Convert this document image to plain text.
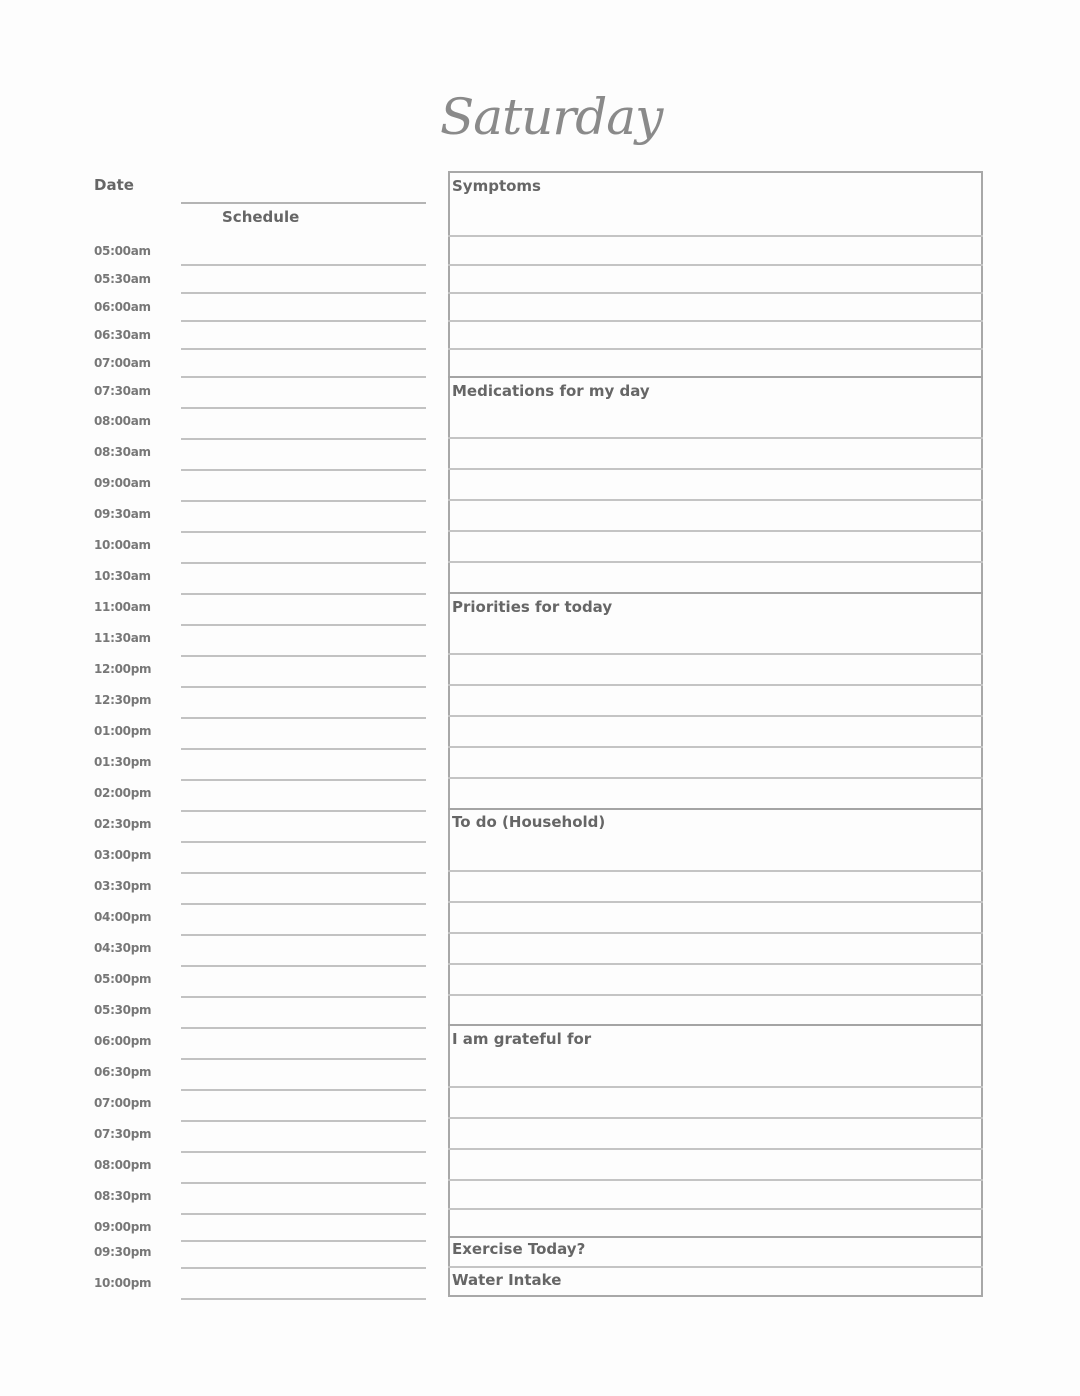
Saturday
Date
Schedule
05:00am
05:30am
06:00am
06:30am
07:00am
07:30am
08:00am
08:30am
09:00am
09:30am
10:00am
10:30am
11:00am
11:30am
12:00pm
12:30pm
01:00pm
01:30pm
02:00pm
02:30pm
03:00pm
03:30pm
04:00pm
04:30pm
05:00pm
05:30pm
06:00pm
06:30pm
07:00pm
07:30pm
08:00pm
08:30pm
09:00pm
09:30pm
10:00pm
Symptoms
Medications for my day
Priorities for today
To do (Household)
I am grateful for
Exercise Today?
Water Intake
